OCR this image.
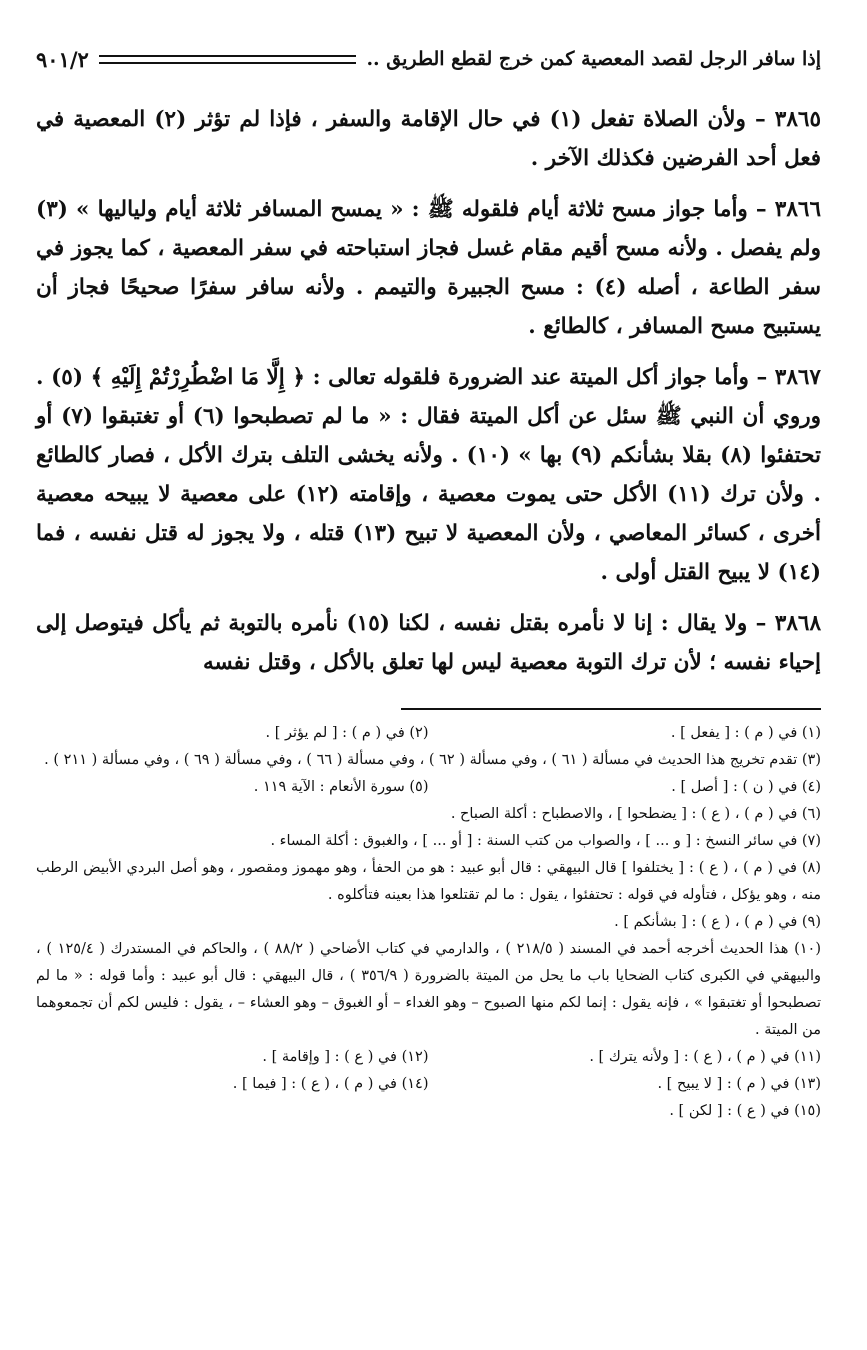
إذا سافر الرجل لقصد المعصية كمن خرج لقطع الطريق ..
٩٠١/٢

٣٨٦٥ – ولأن الصلاة تفعل (١) في حال الإقامة والسفر ، فإذا لم تؤثر (٢) المعصية في فعل أحد الفرضين فكذلك الآخر .

٣٨٦٦ – وأما جواز مسح ثلاثة أيام فلقوله ﷺ : « يمسح المسافر ثلاثة أيام ولياليها » (٣) ولم يفصل . ولأنه مسح أقيم مقام غسل فجاز استباحته في سفر المعصية ، كما يجوز في سفر الطاعة ، أصله (٤) : مسح الجبيرة والتيمم . ولأنه سافر سفرًا صحيحًا فجاز أن يستبيح مسح المسافر ، كالطائع .

٣٨٦٧ – وأما جواز أكل الميتة عند الضرورة فلقوله تعالى : ﴿ إِلَّا مَا اضْطُرِرْتُمْ إِلَيْهِ ﴾ (٥) . وروي أن النبي ﷺ سئل عن أكل الميتة فقال : « ما لم تصطبحوا (٦) أو تغتبقوا (٧) أو تحتفئوا (٨) بقلا بشأنكم (٩) بها » (١٠) . ولأنه يخشى التلف بترك الأكل ، فصار كالطائع . ولأن ترك (١١) الأكل حتى يموت معصية ، وإقامته (١٢) على معصية لا يبيحه معصية أخرى ، كسائر المعاصي ، ولأن المعصية لا تبيح (١٣) قتله ، ولا يجوز له قتل نفسه ، فما (١٤) لا يبيح القتل أولى .

٣٨٦٨ – ولا يقال : إنا لا نأمره بقتل نفسه ، لكنا (١٥) نأمره بالتوبة ثم يأكل فيتوصل إلى إحياء نفسه ؛ لأن ترك التوبة معصية ليس لها تعلق بالأكل ، وقتل نفسه

(١) في ( م ) : [ يفعل ] .
(٢) في ( م ) : [ لم يؤثر ] .

(٣) تقدم تخريج هذا الحديث في مسألة ( ٦١ ) ، وفي مسألة ( ٦٢ ) ، وفي مسألة ( ٦٦ ) ، وفي مسألة ( ٦٩ ) ، وفي مسألة ( ٢١١ ) .

(٤) في ( ن ) : [ أصل ] .
(٥) سورة الأنعام : الآية ١١٩ .

(٦) في ( م ) ، ( ع ) : [ يضطحوا ] ، والاصطباح : أكلة الصباح .

(٧) في سائر النسخ : [ و ... ] ، والصواب من كتب السنة : [ أو ... ] ، والغبوق : أكلة المساء .

(٨) في ( م ) ، ( ع ) : [ يختلفوا ] قال البيهقي : قال أبو عبيد : هو من الحفأ ، وهو مهموز ومقصور ، وهو أصل البردي الأبيض الرطب منه ، وهو يؤكل ، فتأوله في قوله : تحتفئوا ، يقول : ما لم تقتلعوا هذا بعينه فتأكلوه .

(٩) في ( م ) ، ( ع ) : [ بشأنكم ] .

(١٠) هذا الحديث أخرجه أحمد في المسند ( ٢١٨/٥ ) ، والدارمي في كتاب الأضاحي ( ٨٨/٢ ) ، والحاكم في المستدرك ( ١٢٥/٤ ) ، والبيهقي في الكبرى كتاب الضحايا باب ما يحل من الميتة بالضرورة ( ٣٥٦/٩ ) ، قال البيهقي : قال أبو عبيد : وأما قوله : « ما لم تصطبحوا أو تغتبقوا » ، فإنه يقول : إنما لكم منها الصبوح – وهو الغداء – أو الغبوق – وهو العشاء – ، يقول : فليس لكم أن تجمعوهما من الميتة .

(١١) في ( م ) ، ( ع ) : [ ولأنه يترك ] .
(١٢) في ( ع ) : [ وإقامة ] .
(١٣) في ( م ) : [ لا يبيح ] .
(١٤) في ( م ) ، ( ع ) : [ فيما ] .

(١٥) في ( ع ) : [ لكن ] .
